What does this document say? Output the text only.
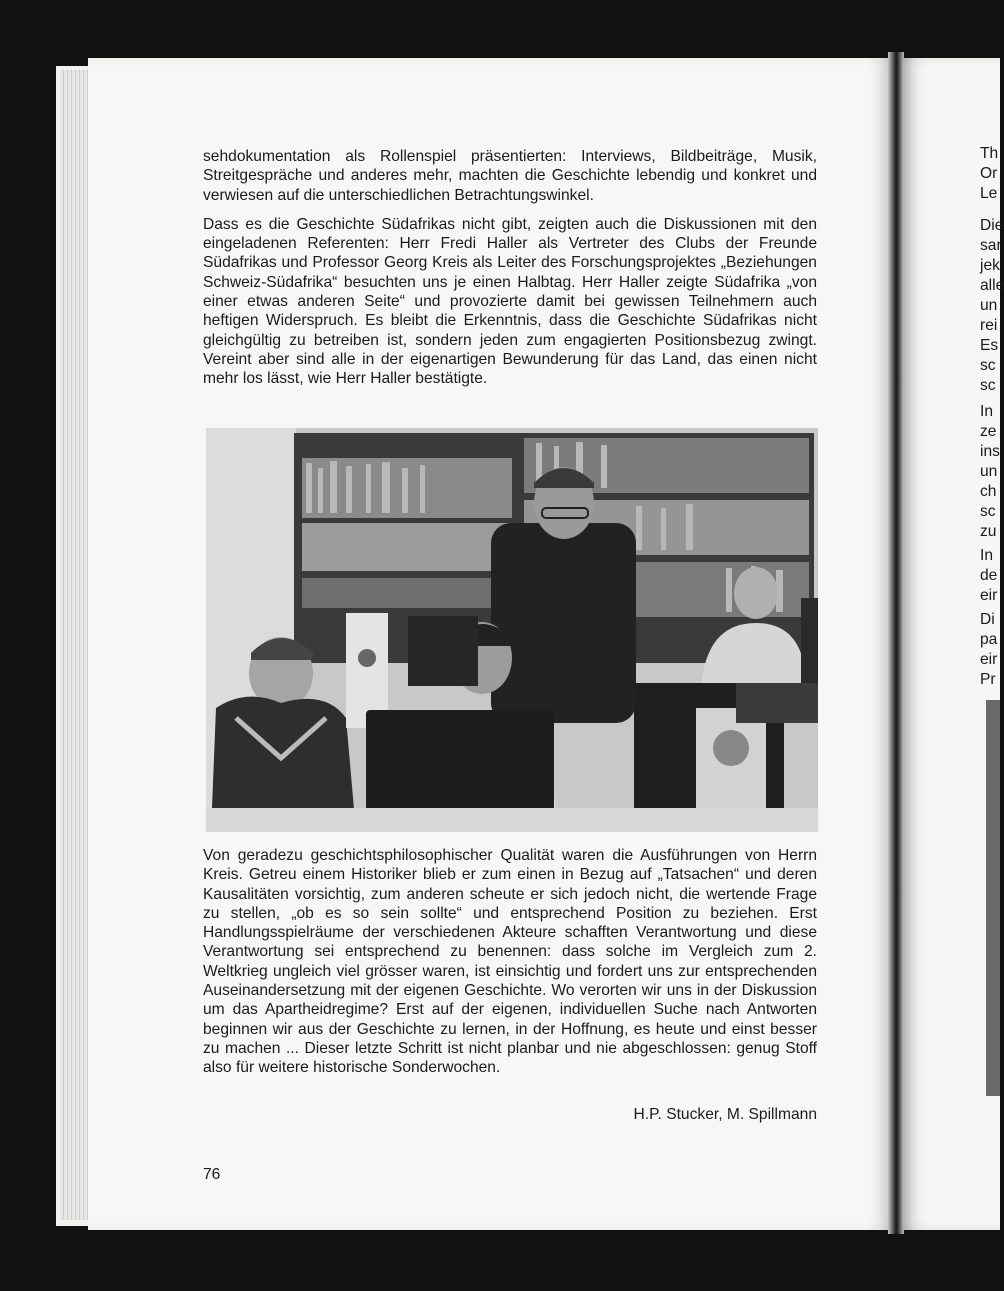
sehdokumentation als Rollenspiel präsentierten: Interviews, Bildbeiträge, Musik, Streitgespräche und anderes mehr, machten die Geschichte lebendig und konkret und verwiesen auf die unterschiedlichen Betrachtungswinkel.

Dass es die Geschichte Südafrikas nicht gibt, zeigten auch die Diskussionen mit den eingeladenen Referenten: Herr Fredi Haller als Vertreter des Clubs der Freunde Südafrikas und Professor Georg Kreis als Leiter des Forschungsprojektes „Beziehungen Schweiz-Südafrika“ besuchten uns je einen Halbtag. Herr Haller zeigte Südafrika „von einer etwas anderen Seite“ und provozierte damit bei gewissen Teilnehmern auch heftigen Widerspruch. Es bleibt die Erkenntnis, dass die Geschichte Südafrikas nicht gleichgültig zu betreiben ist, sondern jeden zum engagierten Positionsbezug zwingt. Vereint aber sind alle in der eigenartigen Bewunderung für das Land, das einen nicht mehr los lässt, wie Herr Haller bestätigte.

Von geradezu geschichtsphilosophischer Qualität waren die Ausführungen von Herrn Kreis. Getreu einem Historiker blieb er zum einen in Bezug auf „Tatsachen“ und deren Kausalitäten vorsichtig, zum anderen scheute er sich jedoch nicht, die wertende Frage zu stellen, „ob es so sein sollte“ und entsprechend Position zu beziehen. Erst Handlungsspielräume der verschiedenen Akteure schafften Verantwortung und diese Verantwortung sei entsprechend zu benennen: dass solche im Vergleich zum 2. Weltkrieg ungleich viel grösser waren, ist einsichtig und fordert uns zur entsprechenden Auseinandersetzung mit der eigenen Geschichte. Wo verorten wir uns in der Diskussion um das Apartheidregime? Erst auf der eigenen, individuellen Suche nach Antworten beginnen wir aus der Geschichte zu lernen, in der Hoffnung, es heute und einst besser zu machen ... Dieser letzte Schritt ist nicht planbar und nie abgeschlossen: genug Stoff also für weitere historische Sonderwochen.

H.P. Stucker, M. Spillmann
76
Th
Or
Le
Die
sar
jek
alle
un
rei
Es
sc
sc
In
ze
ins
un
ch
sc
zu
In
de
eir
Di
pa
eir
Pr
